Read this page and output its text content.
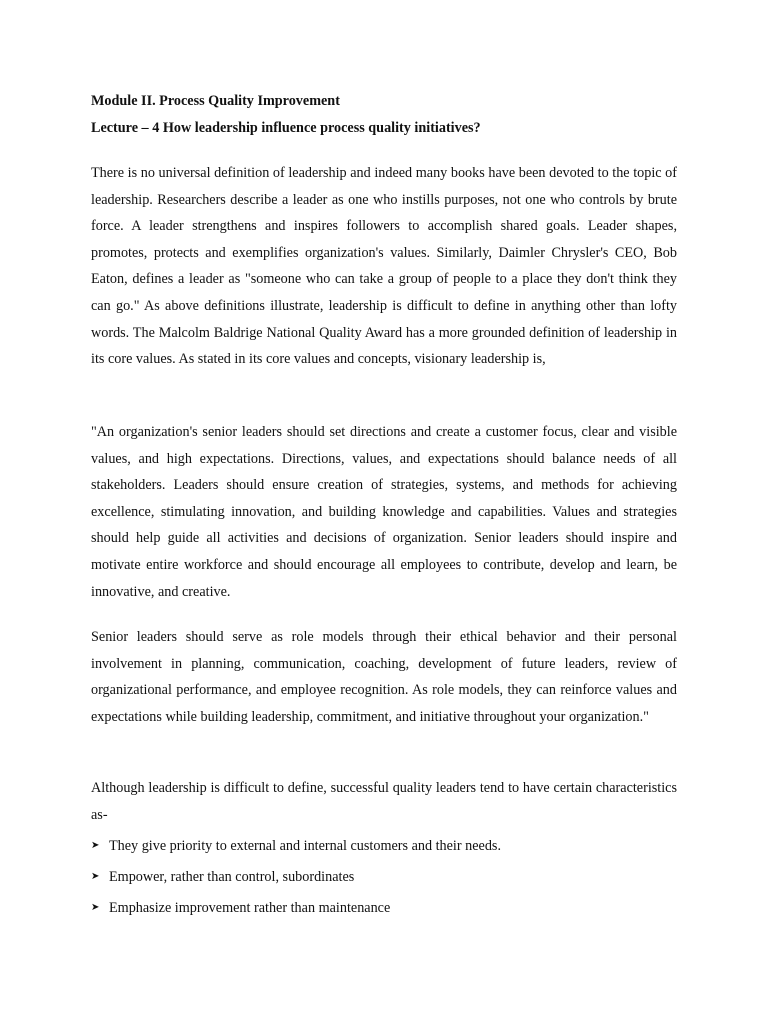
Module II. Process Quality Improvement
Lecture – 4 How leadership influence process quality initiatives?

There is no universal definition of leadership and indeed many books have been devoted to the topic of leadership. Researchers describe a leader as one who instills purposes, not one who controls by brute force. A leader strengthens and inspires followers to accomplish shared goals. Leader shapes, promotes, protects and exemplifies organization's values. Similarly, Daimler Chrysler's CEO, Bob Eaton, defines a leader as "someone who can take a group of people to a place they don't think they can go." As above definitions illustrate, leadership is difficult to define in anything other than lofty words. The Malcolm Baldrige National Quality Award has a more grounded definition of leadership in its core values. As stated in its core values and concepts, visionary leadership is,

"An organization's senior leaders should set directions and create a customer focus, clear and visible values, and high expectations. Directions, values, and expectations should balance needs of all stakeholders. Leaders should ensure creation of strategies, systems, and methods for achieving excellence, stimulating innovation, and building knowledge and capabilities. Values and strategies should help guide all activities and decisions of organization. Senior leaders should inspire and motivate entire workforce and should encourage all employees to contribute, develop and learn, be innovative, and creative.

Senior leaders should serve as role models through their ethical behavior and their personal involvement in planning, communication, coaching, development of future leaders, review of organizational performance, and employee recognition. As role models, they can reinforce values and expectations while building leadership, commitment, and initiative throughout your organization."

Although leadership is difficult to define, successful quality leaders tend to have certain characteristics as-

➤ They give priority to external and internal customers and their needs.
➤ Empower, rather than control, subordinates
➤ Emphasize improvement rather than maintenance
